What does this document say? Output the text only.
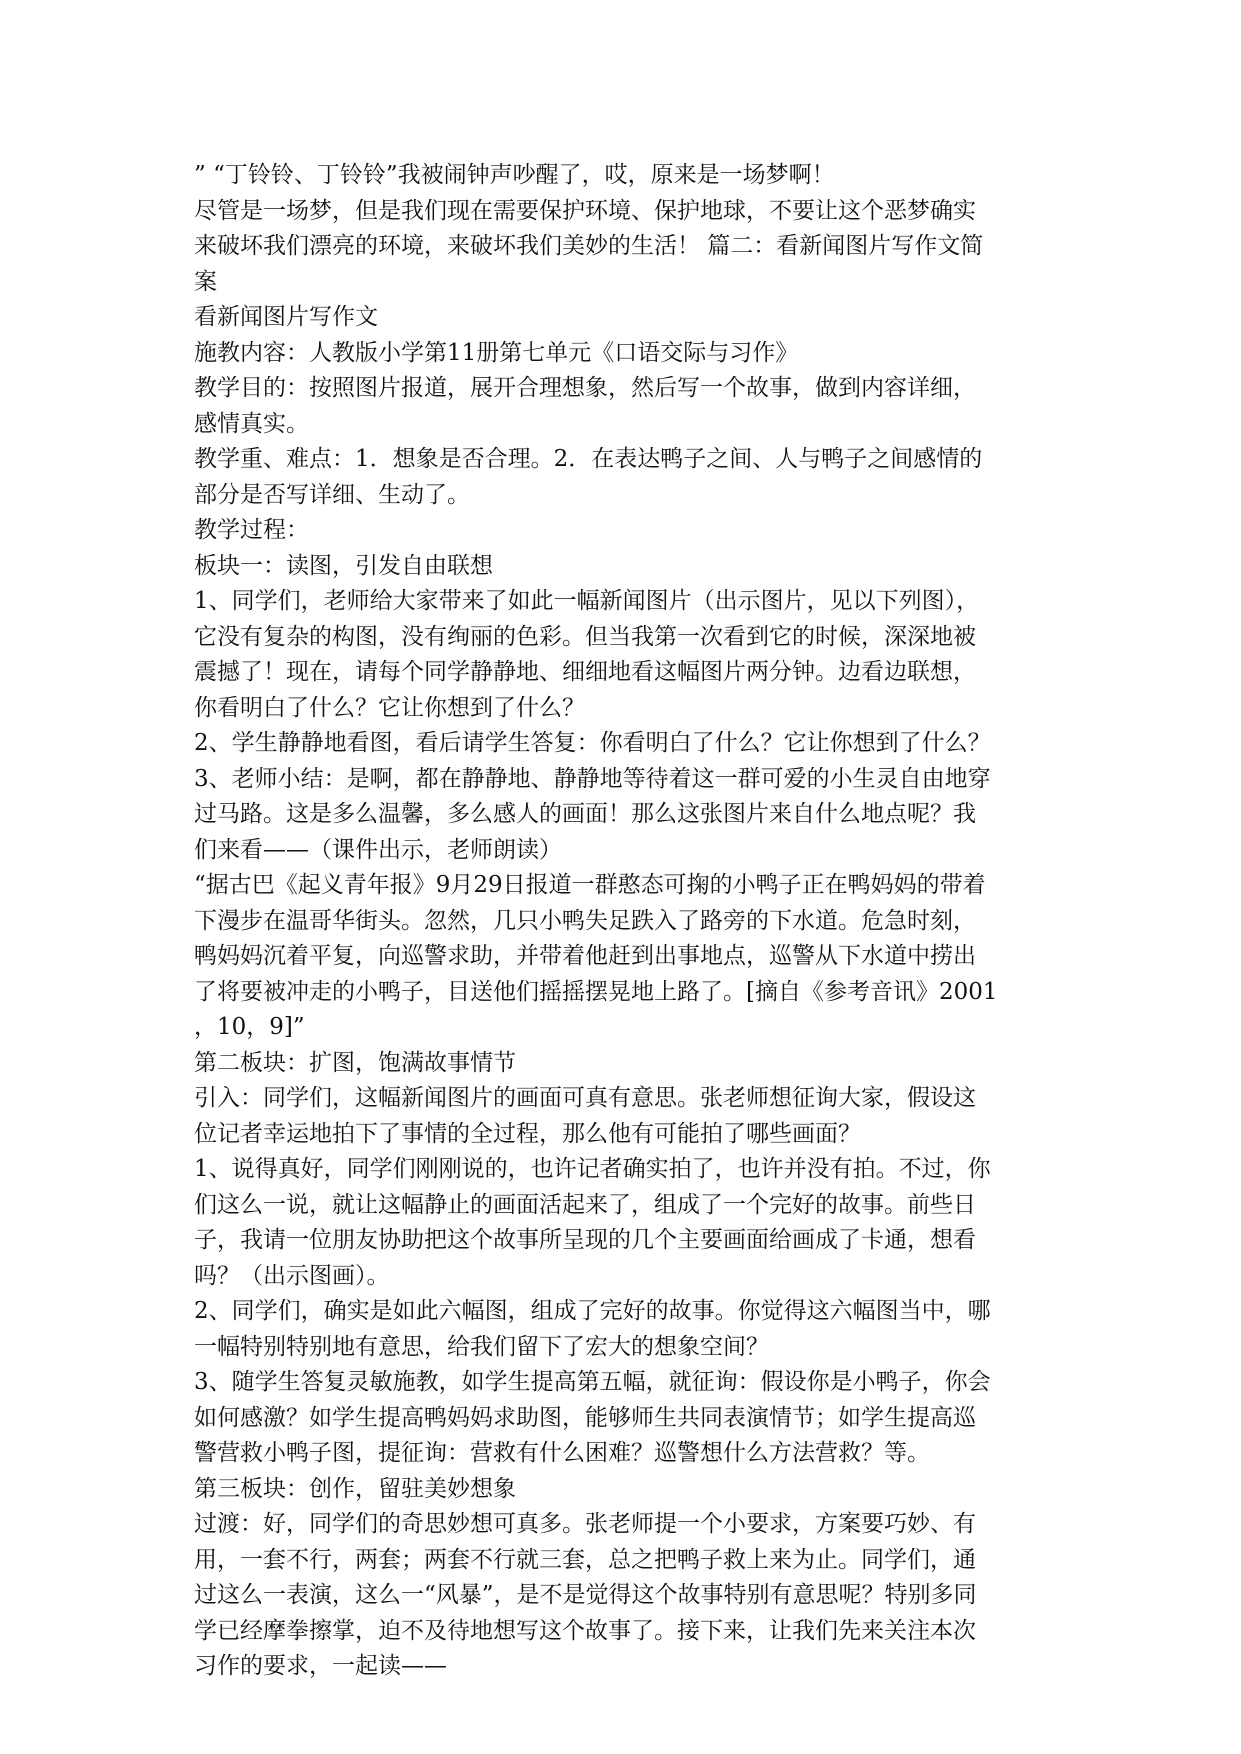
” “丁铃铃、丁铃铃”我被闹钟声吵醒了，哎，原来是一场梦啊！
尽管是一场梦，但是我们现在需要保护环境、保护地球，不要让这个恶梦确实
来破坏我们漂亮的环境，来破坏我们美妙的生活！ 篇二：看新闻图片写作文简
案
看新闻图片写作文
施教内容：人教版小学第11册第七单元《口语交际与习作》
教学目的：按照图片报道，展开合理想象，然后写一个故事，做到内容详细，
感情真实。
教学重、难点：1．想象是否合理。2．在表达鸭子之间、人与鸭子之间感情的
部分是否写详细、生动了。
教学过程：
板块一：读图，引发自由联想
1、同学们，老师给大家带来了如此一幅新闻图片（出示图片，见以下列图），
它没有复杂的构图，没有绚丽的色彩。但当我第一次看到它的时候，深深地被
震撼了！现在，请每个同学静静地、细细地看这幅图片两分钟。边看边联想，
你看明白了什么？它让你想到了什么？
2、学生静静地看图，看后请学生答复：你看明白了什么？它让你想到了什么？
3、老师小结：是啊，都在静静地、静静地等待着这一群可爱的小生灵自由地穿
过马路。这是多么温馨，多么感人的画面！那么这张图片来自什么地点呢？我
们来看——（课件出示，老师朗读）
“据古巴《起义青年报》9月29日报道一群憨态可掬的小鸭子正在鸭妈妈的带着
下漫步在温哥华街头。忽然，几只小鸭失足跌入了路旁的下水道。危急时刻，
鸭妈妈沉着平复，向巡警求助，并带着他赶到出事地点，巡警从下水道中捞出
了将要被冲走的小鸭子，目送他们摇摇摆晃地上路了。[摘自《参考音讯》2001
，10，9]”
第二板块：扩图，饱满故事情节
引入：同学们，这幅新闻图片的画面可真有意思。张老师想征询大家，假设这
位记者幸运地拍下了事情的全过程，那么他有可能拍了哪些画面？
1、说得真好，同学们刚刚说的，也许记者确实拍了，也许并没有拍。不过，你
们这么一说，就让这幅静止的画面活起来了，组成了一个完好的故事。前些日
子，我请一位朋友协助把这个故事所呈现的几个主要画面给画成了卡通，想看
吗？（出示图画）。
2、同学们，确实是如此六幅图，组成了完好的故事。你觉得这六幅图当中，哪
一幅特别特别地有意思，给我们留下了宏大的想象空间？
3、随学生答复灵敏施教，如学生提高第五幅，就征询：假设你是小鸭子，你会
如何感激？如学生提高鸭妈妈求助图，能够师生共同表演情节；如学生提高巡
警营救小鸭子图，提征询：营救有什么困难？巡警想什么方法营救？等。
第三板块：创作，留驻美妙想象
过渡：好，同学们的奇思妙想可真多。张老师提一个小要求，方案要巧妙、有
用，一套不行，两套；两套不行就三套，总之把鸭子救上来为止。同学们，通
过这么一表演，这么一“风暴”，是不是觉得这个故事特别有意思呢？特别多同
学已经摩拳擦掌，迫不及待地想写这个故事了。接下来，让我们先来关注本次
习作的要求，一起读——
